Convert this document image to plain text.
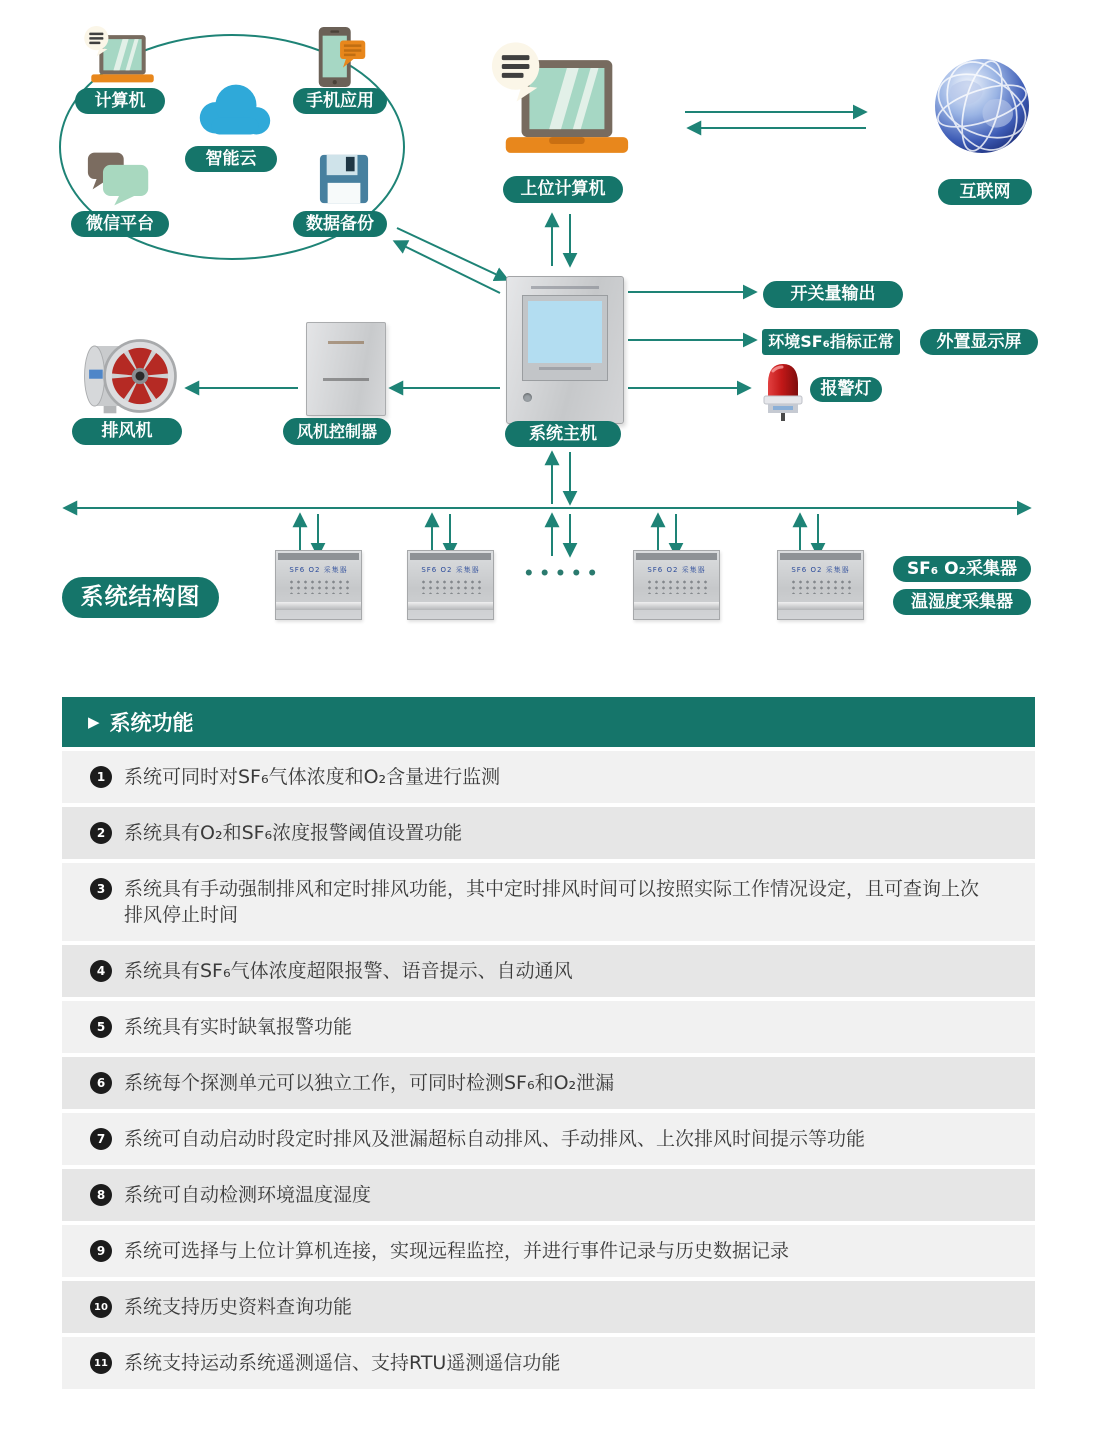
计算机	手机应用
智能云
微信平台	数据备份
上位计算机	互联网
系统主机
开关量输出
环境SF₆指标正常	外置显示屏
报警灯
排风机	风机控制器
SF6 O2 采集器	SF6 O2 采集器	SF6 O2 采集器	SF6 O2 采集器
•••••	SF₆ O₂采集器
温湿度采集器
系统结构图
▶ 系统功能
1 系统可同时对SF₆气体浓度和O₂含量进行监测
2 系统具有O₂和SF₆浓度报警阈值设置功能
3 系统具有手动强制排风和定时排风功能，其中定时排风时间可以按照实际工作情况设定，且可查询上次排风停止时间
4 系统具有SF₆气体浓度超限报警、语音提示、自动通风
5 系统具有实时缺氧报警功能
6 系统每个探测单元可以独立工作，可同时检测SF₆和O₂泄漏
7 系统可自动启动时段定时排风及泄漏超标自动排风、手动排风、上次排风时间提示等功能
8 系统可自动检测环境温度湿度
9 系统可选择与上位计算机连接，实现远程监控，并进行事件记录与历史数据记录
10 系统支持历史资料查询功能
11 系统支持运动系统遥测遥信、支持RTU遥测遥信功能
